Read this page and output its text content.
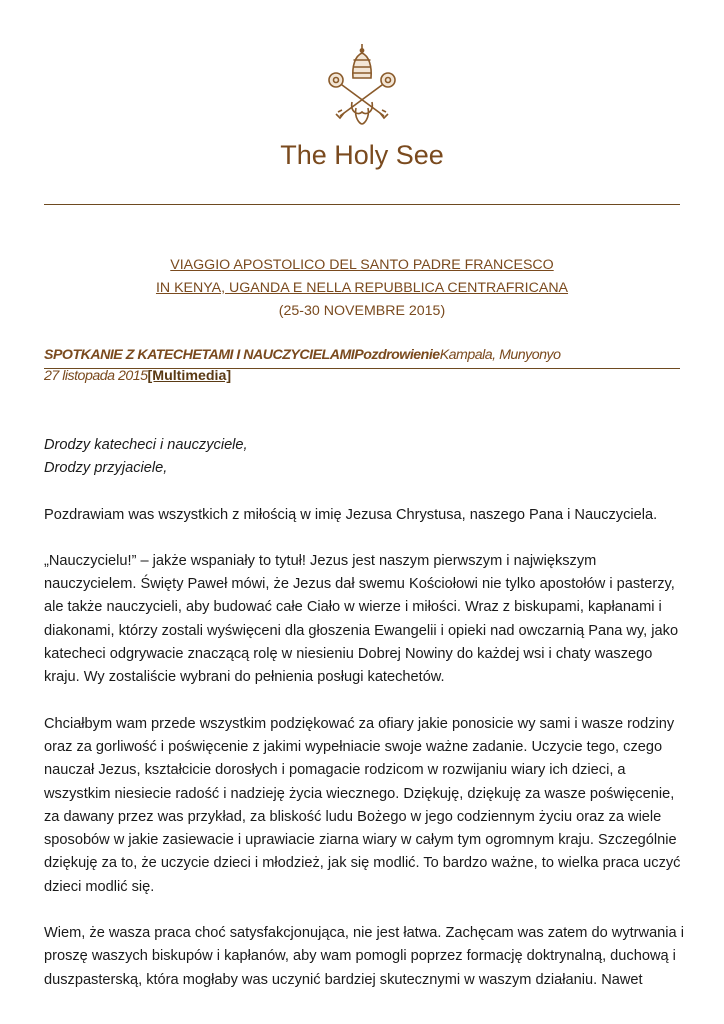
The Holy See
VIAGGIO APOSTOLICO DEL SANTO PADRE FRANCESCO
IN KENYA, UGANDA E NELLA REPUBBLICA CENTRAFRICANA
(25-30 NOVEMBRE 2015)
SPOTKANIE Z KATECHETAMI I NAUCZYCIELAMIPozdrowienieKampala, Munyonyo
27 listopada 2015[Multimedia]

Drodzy katecheci i nauczyciele,
Drodzy przyjaciele,

Pozdrawiam was wszystkich z miłością w imię Jezusa Chrystusa, naszego Pana i Nauczyciela.

„Nauczycielu!” – jakże wspaniały to tytuł! Jezus jest naszym pierwszym i największym nauczycielem. Święty Paweł mówi, że Jezus dał swemu Kościołowi nie tylko apostołów i pasterzy, ale także nauczycieli, aby budować całe Ciało w wierze i miłości. Wraz z biskupami, kapłanami i diakonami, którzy zostali wyświęceni dla głoszenia Ewangelii i opieki nad owczarnią Pana wy, jako katecheci odgrywacie znaczącą rolę w niesieniu Dobrej Nowiny do każdej wsi i chaty waszego kraju. Wy zostaliście wybrani do pełnienia posługi katechetów.

Chciałbym wam przede wszystkim podziękować za ofiary jakie ponosicie wy sami i wasze rodziny oraz za gorliwość i poświęcenie z jakimi wypełniacie swoje ważne zadanie. Uczycie tego, czego nauczał Jezus, kształcicie dorosłych i pomagacie rodzicom w rozwijaniu wiary ich dzieci, a wszystkim niesiecie radość i nadzieję życia wiecznego. Dziękuję, dziękuję za wasze poświęcenie, za dawany przez was przykład, za bliskość ludu Bożego w jego codziennym życiu oraz za wiele sposobów w jakie zasiewacie i uprawiacie ziarna wiary w całym tym ogromnym kraju. Szczególnie dziękuję za to, że uczycie dzieci i młodzież, jak się modlić. To bardzo ważne, to wielka praca uczyć dzieci modlić się.

Wiem, że wasza praca choć satysfakcjonująca, nie jest łatwa. Zachęcam was zatem do wytrwania i proszę waszych biskupów i kapłanów, aby wam pomogli poprzez formację doktrynalną, duchową i duszpasterską, która mogłaby was uczynić bardziej skutecznymi w waszym działaniu. Nawet
